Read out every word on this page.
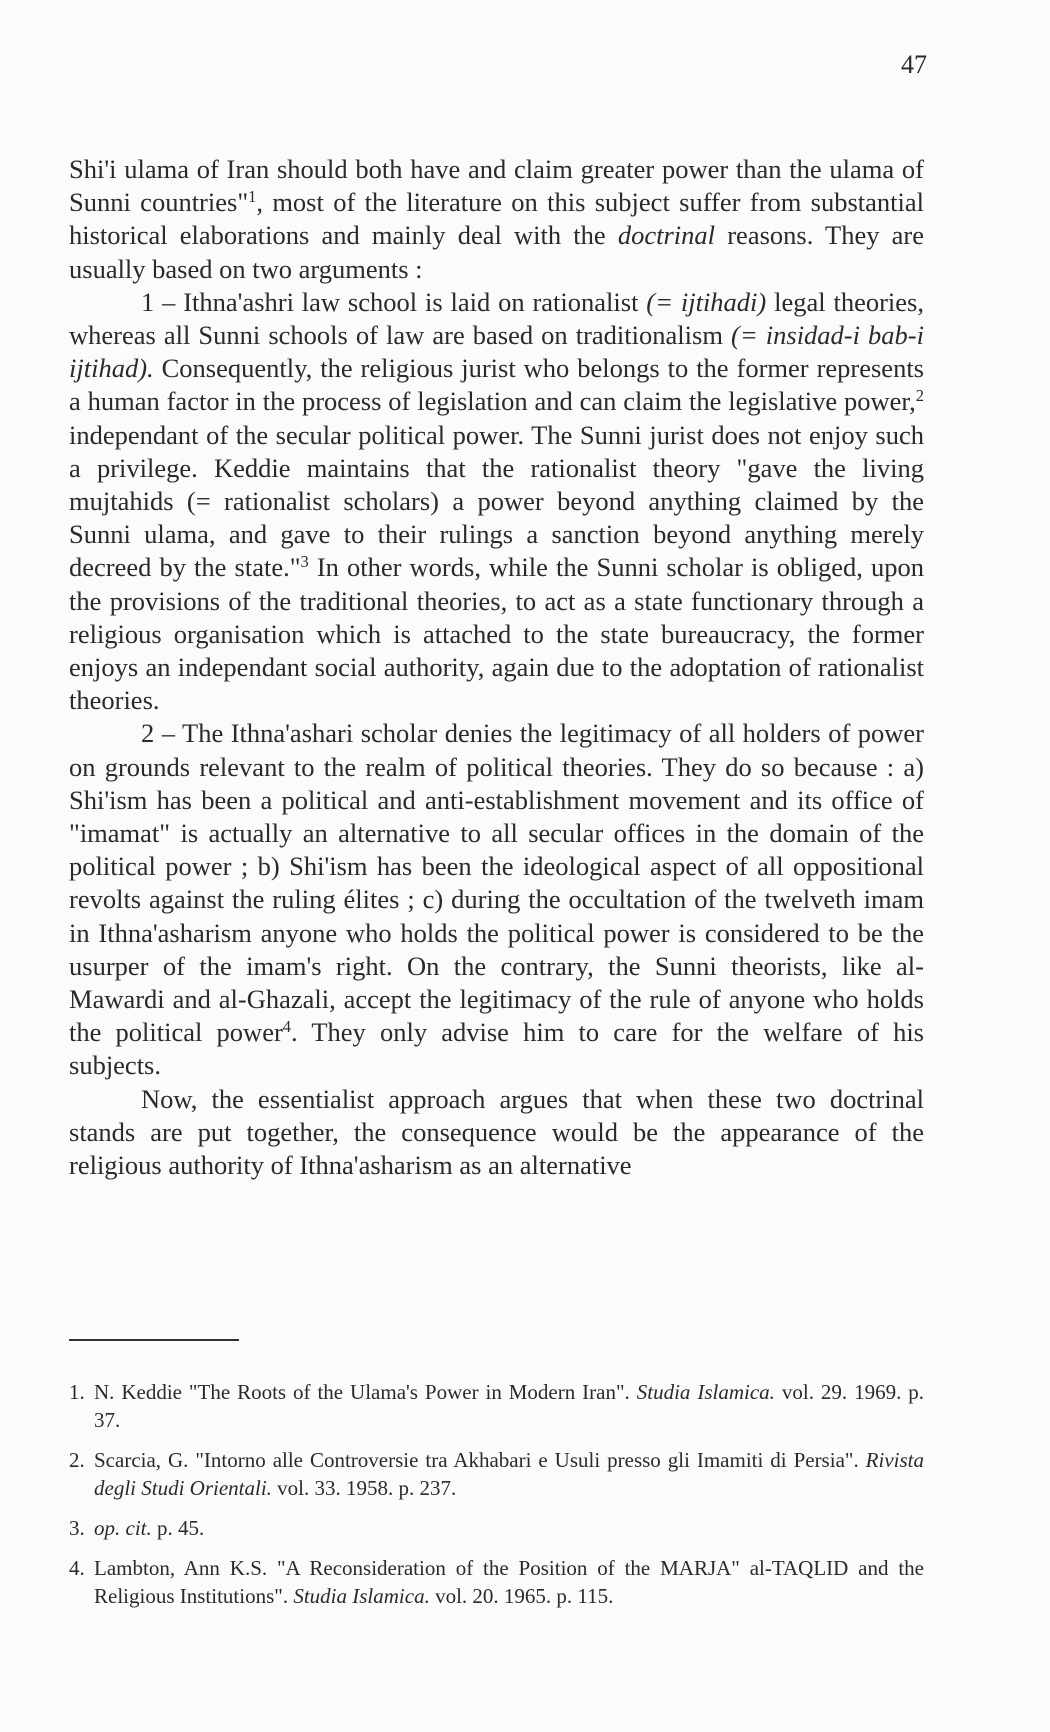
47

Shi'i ulama of Iran should both have and claim greater power than the ulama of Sunni countries"$^1$, most of the literature on this subject suffer from substantial historical elaborations and mainly deal with the doctrinal reasons. They are usually based on two arguments :

1 – Ithna'ashri law school is laid on rationalist (= ijtihadi) legal theories, whereas all Sunni schools of law are based on traditionalism (= insidad-i bab-i ijtihad). Consequently, the religious jurist who belongs to the former represents a human factor in the process of legislation and can claim the legislative power,$^2$ independant of the secular political power. The Sunni jurist does not enjoy such a privilege. Keddie maintains that the rationalist theory "gave the living mujtahids (= rationalist scholars) a power beyond anything claimed by the Sunni ulama, and gave to their rulings a sanction beyond anything merely decreed by the state."$^3$ In other words, while the Sunni scholar is obliged, upon the provisions of the traditional theories, to act as a state functionary through a religious organisation which is attached to the state bureaucracy, the former enjoys an independant social authority, again due to the adoptation of rationalist theories.

2 – The Ithna'ashari scholar denies the legitimacy of all holders of power on grounds relevant to the realm of political theories. They do so because : a) Shi'ism has been a political and anti-establishment movement and its office of "imamat" is actually an alternative to all secular offices in the domain of the political power ; b) Shi'ism has been the ideological aspect of all oppositional revolts against the ruling élites ; c) during the occultation of the twelveth imam in Ithna'asharism anyone who holds the political power is considered to be the usurper of the imam's right. On the contrary, the Sunni theorists, like al-Mawardi and al-Ghazali, accept the legitimacy of the rule of anyone who holds the political power$^4$. They only advise him to care for the welfare of his subjects.

Now, the essentialist approach argues that when these two doctrinal stands are put together, the consequence would be the appearance of the religious authority of Ithna'asharism as an alternative

1. N. Keddie "The Roots of the Ulama's Power in Modern Iran". Studia Islamica. vol. 29. 1969. p. 37.
2. Scarcia, G. "Intorno alle Controversie tra Akhabari e Usuli presso gli Imamiti di Persia". Rivista degli Studi Orientali. vol. 33. 1958. p. 237.
3. op. cit. p. 45.
4. Lambton, Ann K.S. "A Reconsideration of the Position of the MARJA" al-TAQLID and the Religious Institutions". Studia Islamica. vol. 20. 1965. p. 115.
